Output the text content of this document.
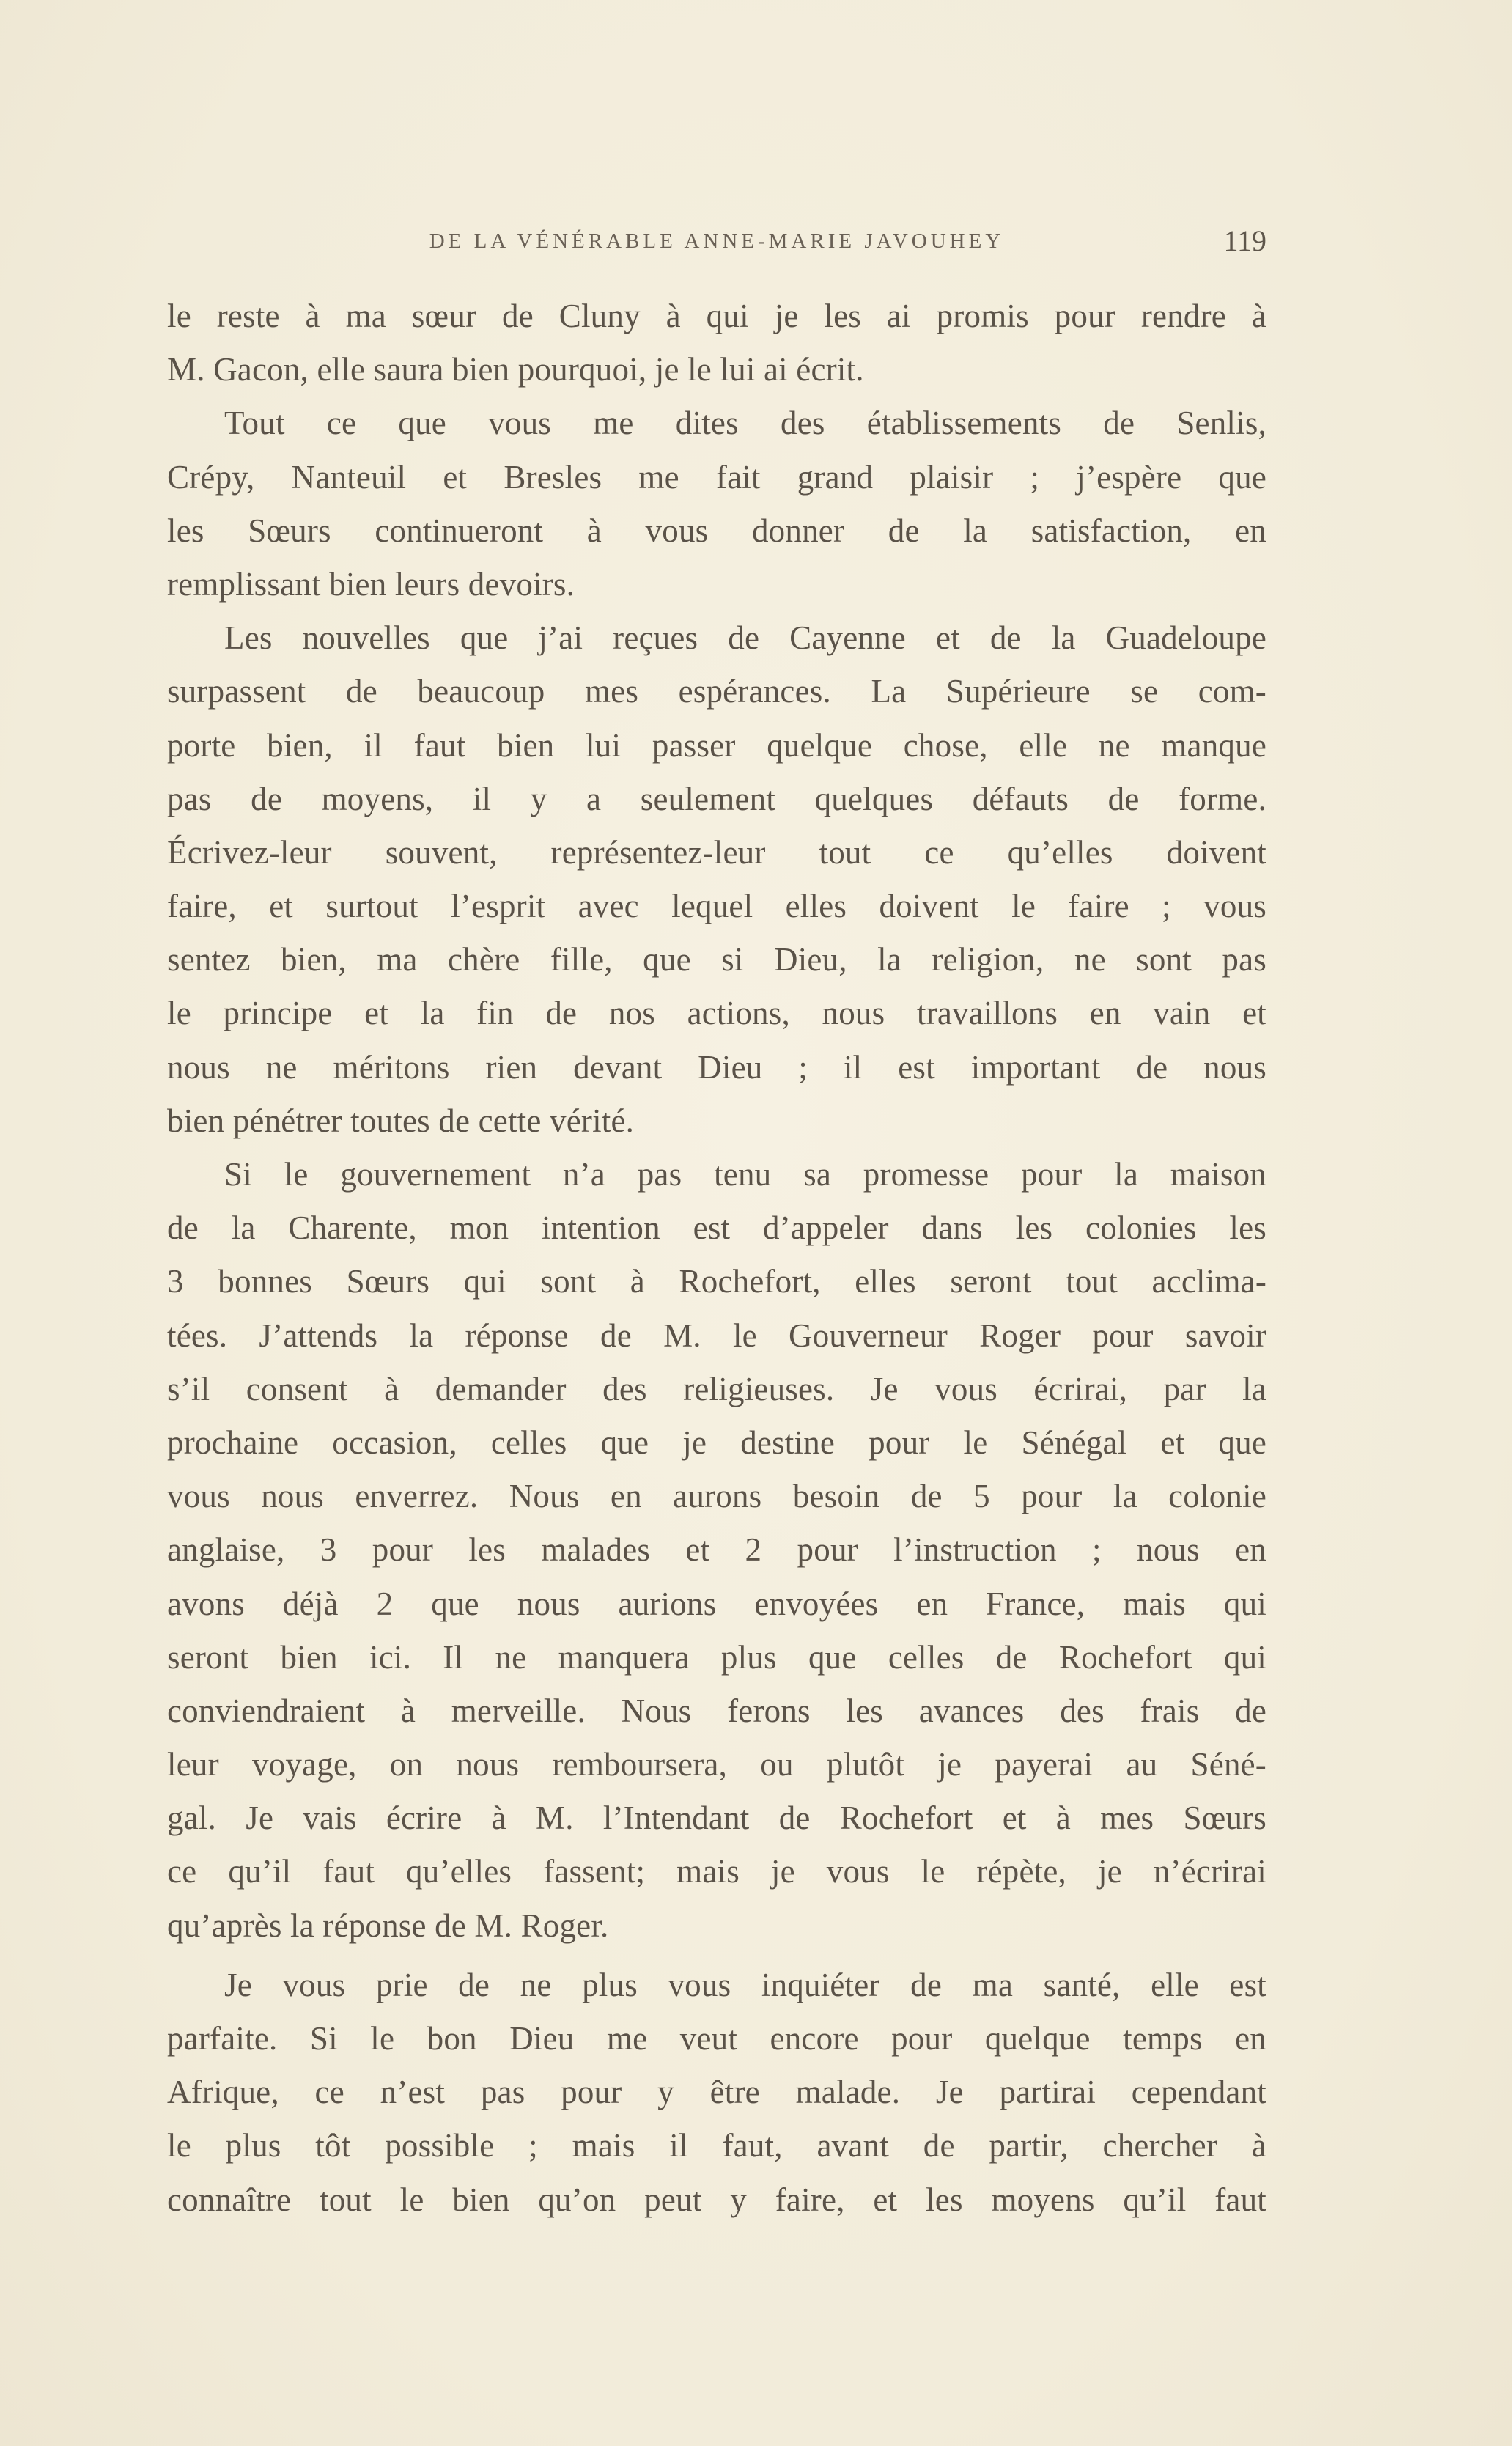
DE LA VÉNÉRABLE ANNE-MARIE JAVOUHEY	119
le reste à ma sœur de Cluny à qui je les ai promis pour rendre à
M. Gacon, elle saura bien pourquoi, je le lui ai écrit.
Tout ce que vous me dites des établissements de Senlis,
Crépy, Nanteuil et Bresles me fait grand plaisir ; j’espère que
les Sœurs continueront à vous donner de la satisfaction, en
remplissant bien leurs devoirs.
Les nouvelles que j’ai reçues de Cayenne et de la Guadeloupe
surpassent de beaucoup mes espérances. La Supérieure se com-
porte bien, il faut bien lui passer quelque chose, elle ne manque
pas de moyens, il y a seulement quelques défauts de forme.
Écrivez-leur souvent, représentez-leur tout ce qu’elles doivent
faire, et surtout l’esprit avec lequel elles doivent le faire ; vous
sentez bien, ma chère fille, que si Dieu, la religion, ne sont pas
le principe et la fin de nos actions, nous travaillons en vain et
nous ne méritons rien devant Dieu ; il est important de nous
bien pénétrer toutes de cette vérité.
Si le gouvernement n’a pas tenu sa promesse pour la maison
de la Charente, mon intention est d’appeler dans les colonies les
3 bonnes Sœurs qui sont à Rochefort, elles seront tout acclima-
tées. J’attends la réponse de M. le Gouverneur Roger pour savoir
s’il consent à demander des religieuses. Je vous écrirai, par la
prochaine occasion, celles que je destine pour le Sénégal et que
vous nous enverrez. Nous en aurons besoin de 5 pour la colonie
anglaise, 3 pour les malades et 2 pour l’instruction ; nous en
avons déjà 2 que nous aurions envoyées en France, mais qui
seront bien ici. Il ne manquera plus que celles de Rochefort qui
conviendraient à merveille. Nous ferons les avances des frais de
leur voyage, on nous remboursera, ou plutôt je payerai au Séné-
gal. Je vais écrire à M. l’Intendant de Rochefort et à mes Sœurs
ce qu’il faut qu’elles fassent; mais je vous le répète, je n’écrirai
qu’après la réponse de M. Roger.
Je vous prie de ne plus vous inquiéter de ma santé, elle est
parfaite. Si le bon Dieu me veut encore pour quelque temps en
Afrique, ce n’est pas pour y être malade. Je partirai cependant
le plus tôt possible ; mais il faut, avant de partir, chercher à
connaître tout le bien qu’on peut y faire, et les moyens qu’il faut
